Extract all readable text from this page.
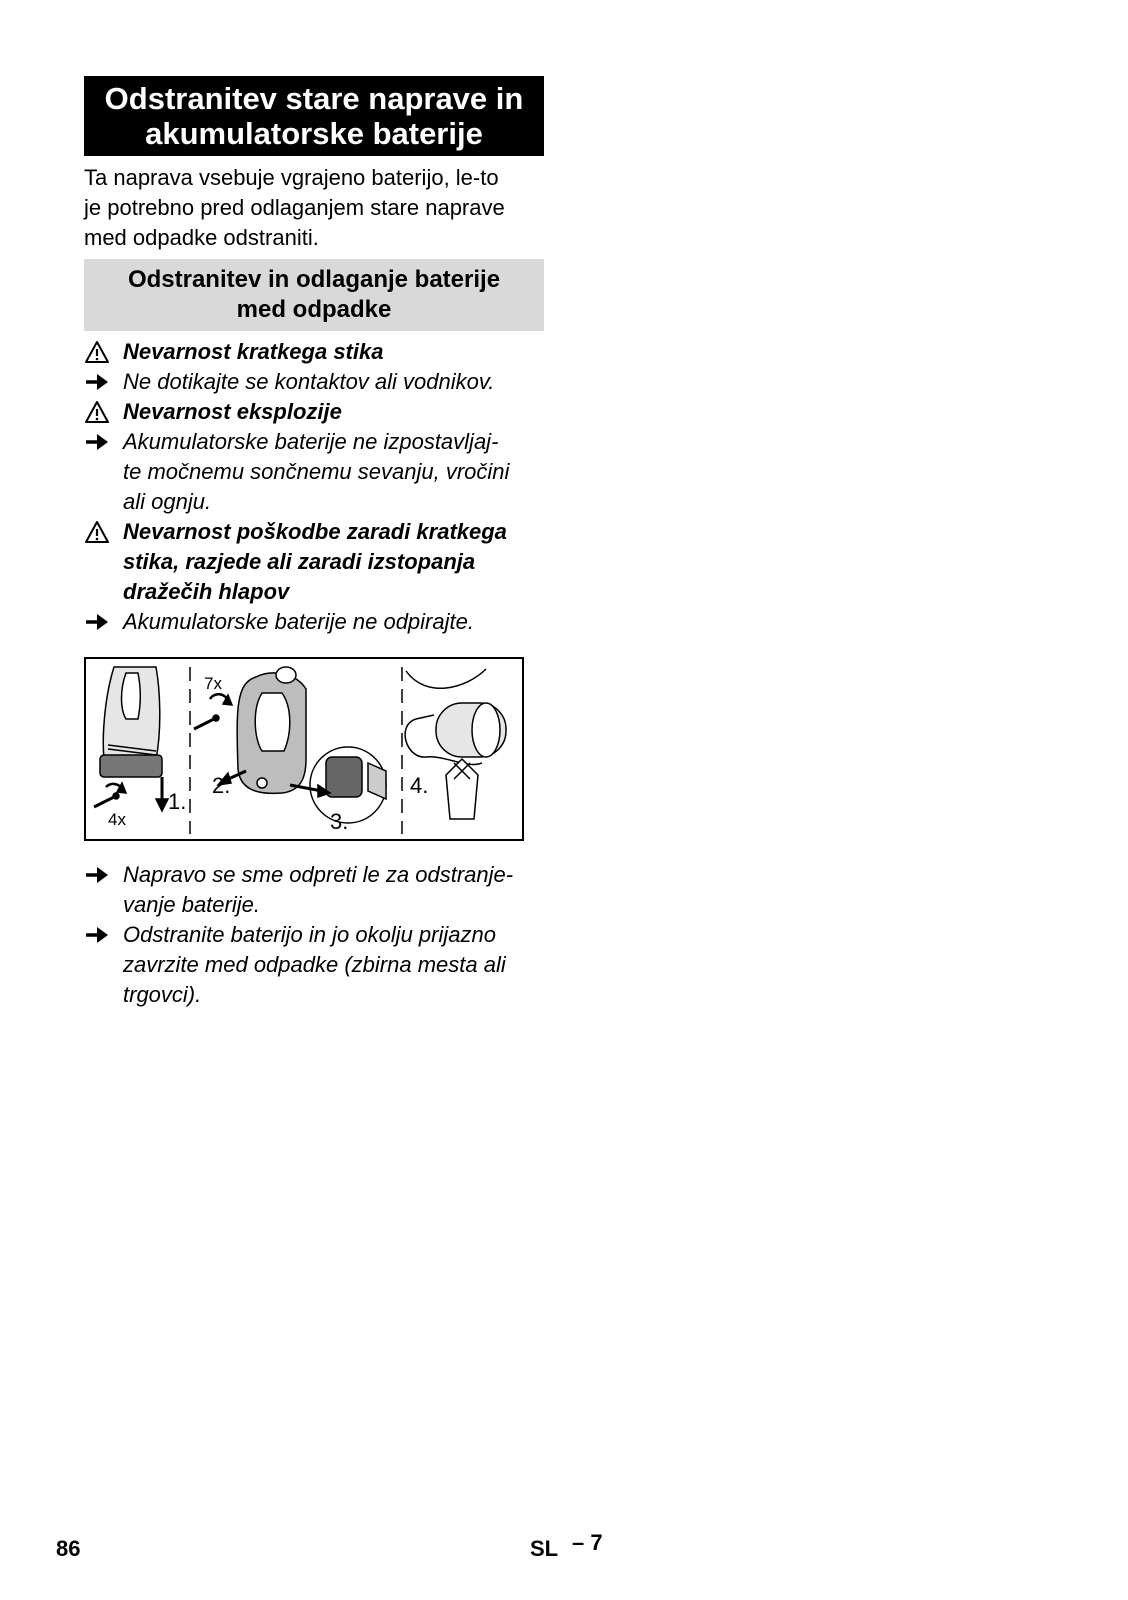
Odstranitev stare naprave in
akumulatorske baterije
Ta naprava vsebuje vgrajeno baterijo, le-to
je potrebno pred odlaganjem stare naprave
med odpadke odstraniti.
Odstranitev in odlaganje baterije
med odpadke
Nevarnost kratkega stika
Ne dotikajte se kontaktov ali vodnikov.
Nevarnost eksplozije
Akumulatorske baterije ne izpostavljaj-
te močnemu sončnemu sevanju, vročini
ali ognju.
Nevarnost poškodbe zaradi kratkega
stika, razjede ali zaradi izstopanja
dražečih hlapov
Akumulatorske baterije ne odpirajte.
7x
4x
1.
2.
3.
4.
Napravo se sme odpreti le za odstranje-
vanje baterije.
Odstranite baterijo in jo okolju prijazno
zavrzite med odpadke (zbirna mesta ali
trgovci).
86	SL – 7
